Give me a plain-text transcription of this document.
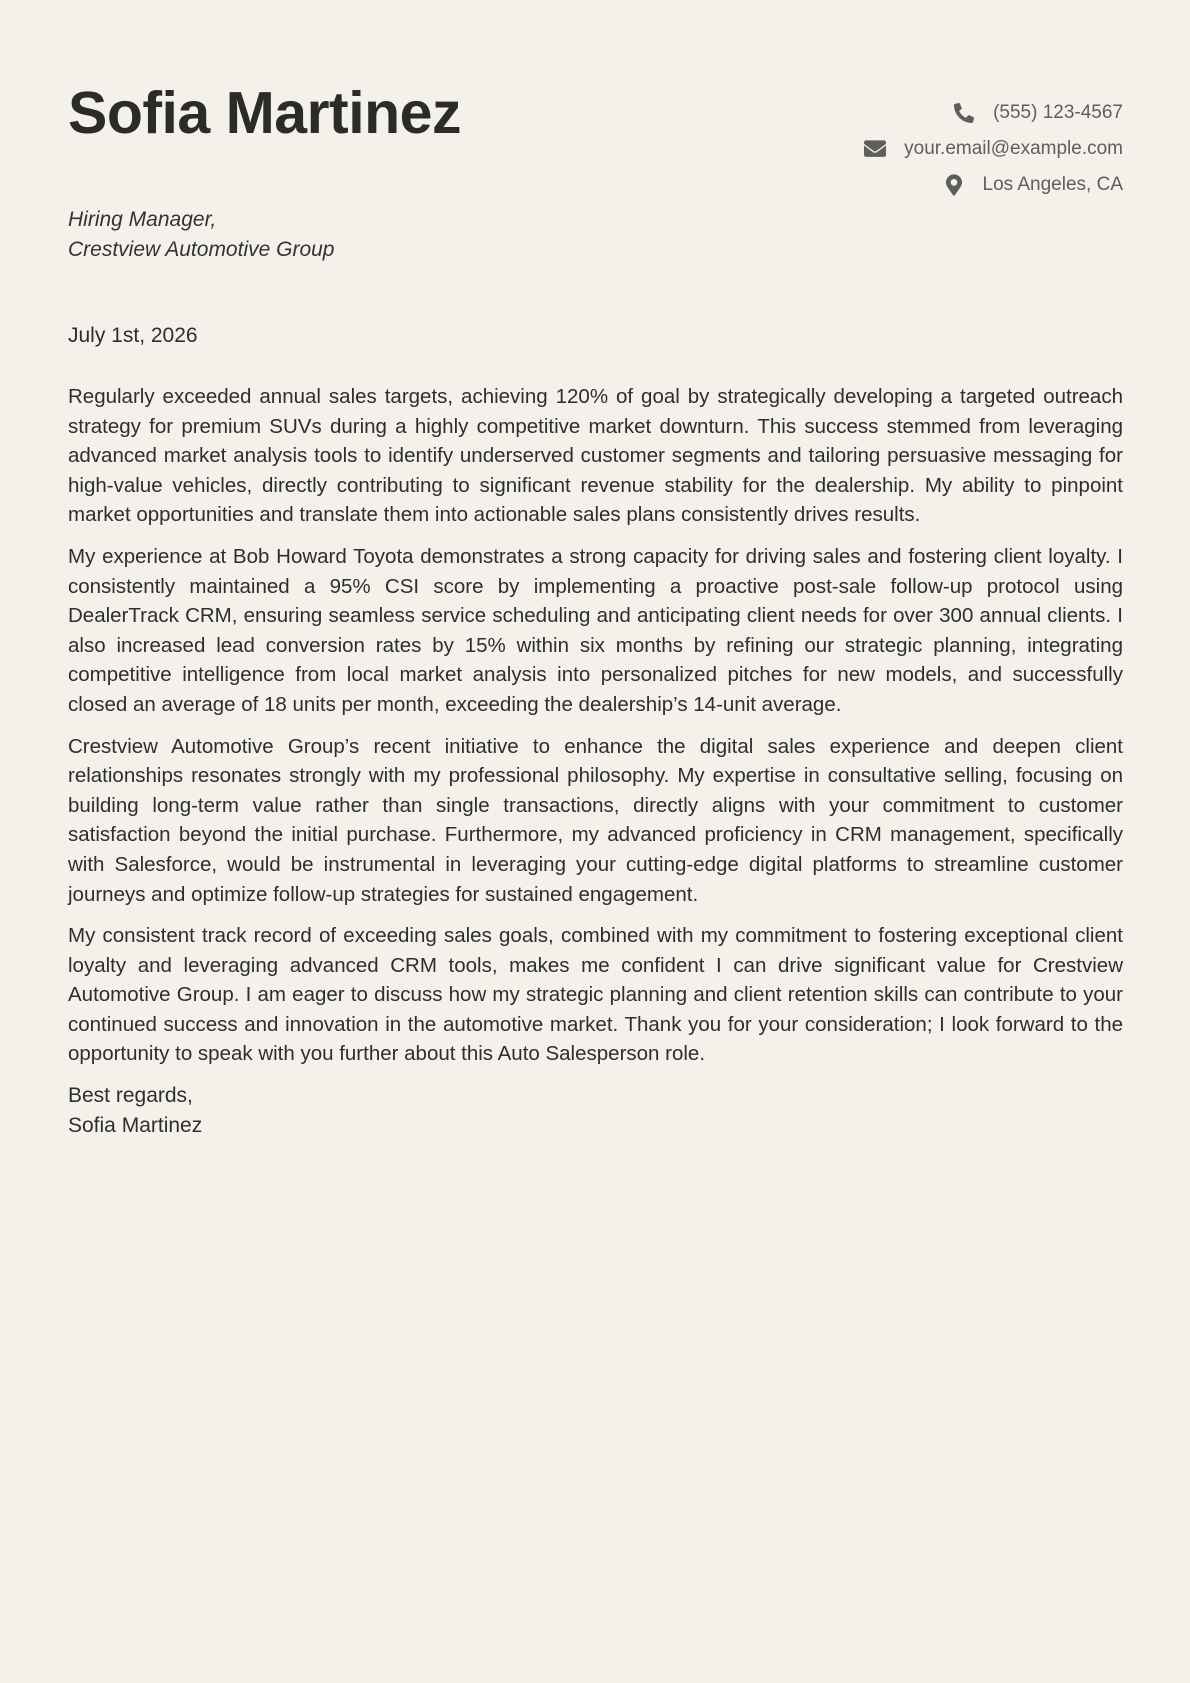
Sofia Martinez	(555) 123-4567
your.email@example.com
Los Angeles, CA
Hiring Manager,
Crestview Automotive Group
July 1st, 2026

Regularly exceeded annual sales targets, achieving 120% of goal by strategically developing a targeted outreach strategy for premium SUVs during a highly competitive market downturn. This success stemmed from leveraging advanced market analysis tools to identify underserved customer segments and tailoring persuasive messaging for high-value vehicles, directly contributing to significant revenue stability for the dealership. My ability to pinpoint market opportunities and translate them into actionable sales plans consistently drives results.

My experience at Bob Howard Toyota demonstrates a strong capacity for driving sales and fostering client loyalty. I consistently maintained a 95% CSI score by implementing a proactive post-sale follow-up protocol using DealerTrack CRM, ensuring seamless service scheduling and anticipating client needs for over 300 annual clients. I also increased lead conversion rates by 15% within six months by refining our strategic planning, integrating competitive intelligence from local market analysis into personalized pitches for new models, and successfully closed an average of 18 units per month, exceeding the dealership’s 14-unit average.

Crestview Automotive Group’s recent initiative to enhance the digital sales experience and deepen client relationships resonates strongly with my professional philosophy. My expertise in consultative selling, focusing on building long-term value rather than single transactions, directly aligns with your commitment to customer satisfaction beyond the initial purchase. Furthermore, my advanced proficiency in CRM management, specifically with Salesforce, would be instrumental in leveraging your cutting-edge digital platforms to streamline customer journeys and optimize follow-up strategies for sustained engagement.

My consistent track record of exceeding sales goals, combined with my commitment to fostering exceptional client loyalty and leveraging advanced CRM tools, makes me confident I can drive significant value for Crestview Automotive Group. I am eager to discuss how my strategic planning and client retention skills can contribute to your continued success and innovation in the automotive market. Thank you for your consideration; I look forward to the opportunity to speak with you further about this Auto Salesperson role.

Best regards,
Sofia Martinez
